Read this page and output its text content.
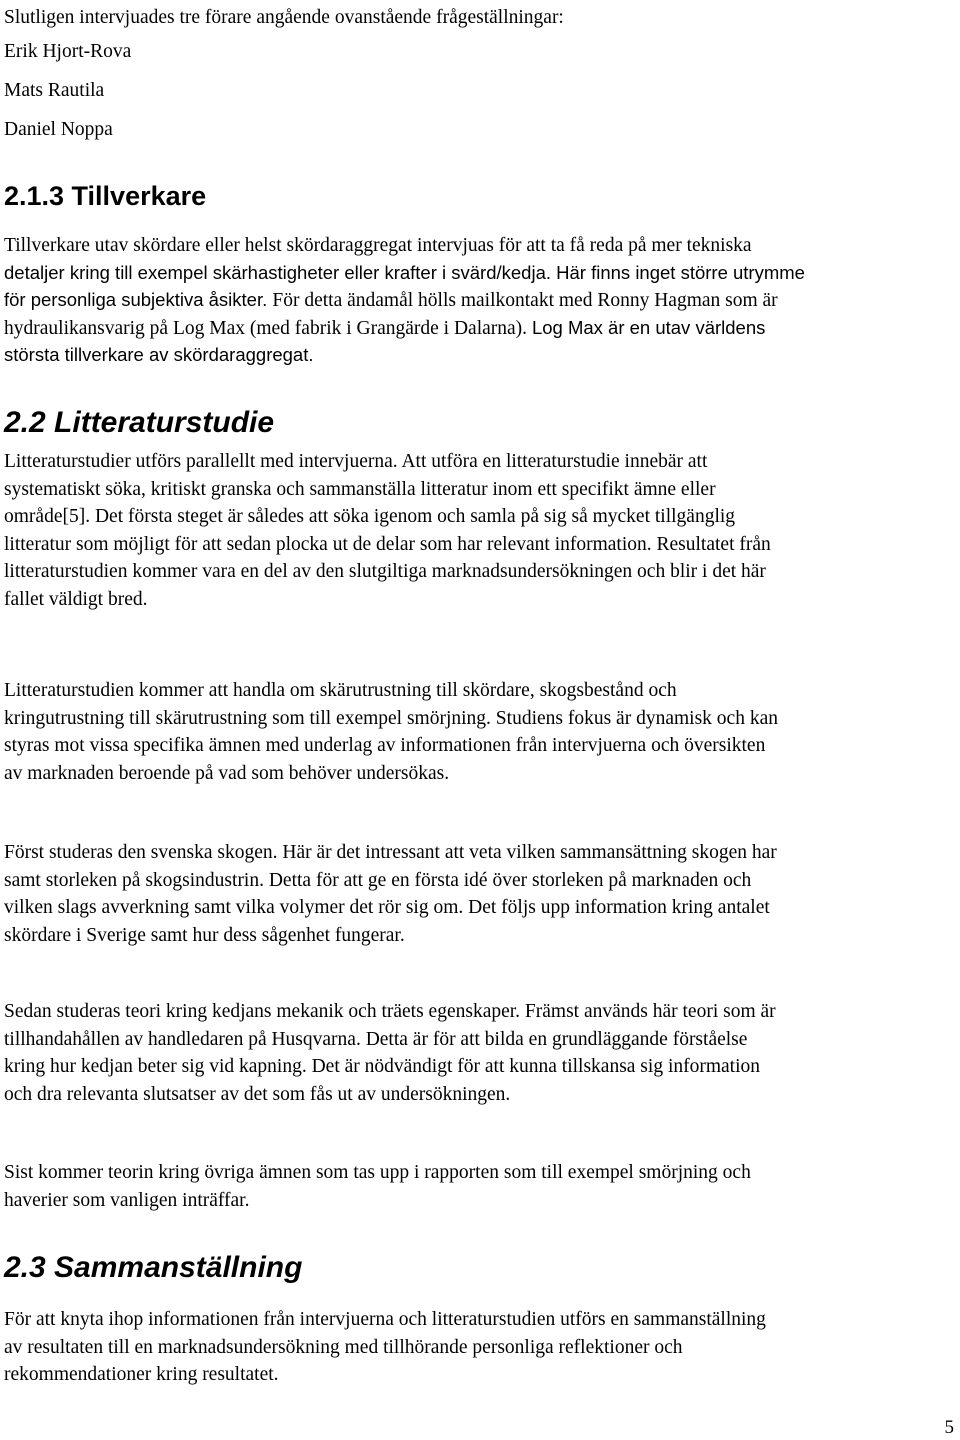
Slutligen intervjuades tre förare angående ovanstående frågeställningar:
Erik Hjort-Rova
Mats Rautila
Daniel Noppa
2.1.3 Tillverkare
Tillverkare utav skördare eller helst skördaraggregat intervjuas för att ta få reda på mer tekniska
detaljer kring till exempel skärhastigheter eller krafter i svärd/kedja. Här finns inget större utrymme
för personliga subjektiva åsikter. För detta ändamål hölls mailkontakt med Ronny Hagman som är
hydraulikansvarig på Log Max (med fabrik i Grangärde i Dalarna). Log Max är en utav världens
största tillverkare av skördaraggregat.
2.2 Litteraturstudie
Litteraturstudier utförs parallellt med intervjuerna. Att utföra en litteraturstudie innebär att
systematiskt söka, kritiskt granska och sammanställa litteratur inom ett specifikt ämne eller
område[5]. Det första steget är således att söka igenom och samla på sig så mycket tillgänglig
litteratur som möjligt för att sedan plocka ut de delar som har relevant information. Resultatet från
litteraturstudien kommer vara en del av den slutgiltiga marknadsundersökningen och blir i det här
fallet väldigt bred.
Litteraturstudien kommer att handla om skärutrustning till skördare, skogsbestånd och
kringutrustning till skärutrustning som till exempel smörjning. Studiens fokus är dynamisk och kan
styras mot vissa specifika ämnen med underlag av informationen från intervjuerna och översikten
av marknaden beroende på vad som behöver undersökas.
Först studeras den svenska skogen. Här är det intressant att veta vilken sammansättning skogen har
samt storleken på skogsindustrin. Detta för att ge en första idé över storleken på marknaden och
vilken slags avverkning samt vilka volymer det rör sig om. Det följs upp information kring antalet
skördare i Sverige samt hur dess sågenhet fungerar.
Sedan studeras teori kring kedjans mekanik och träets egenskaper. Främst används här teori som är
tillhandahållen av handledaren på Husqvarna. Detta är för att bilda en grundläggande förståelse
kring hur kedjan beter sig vid kapning. Det är nödvändigt för att kunna tillskansa sig information
och dra relevanta slutsatser av det som fås ut av undersökningen.
Sist kommer teorin kring övriga ämnen som tas upp i rapporten som till exempel smörjning och
haverier som vanligen inträffar.
2.3 Sammanställning
För att knyta ihop informationen från intervjuerna och litteraturstudien utförs en sammanställning
av resultaten till en marknadsundersökning med tillhörande personliga reflektioner och
rekommendationer kring resultatet.
5
